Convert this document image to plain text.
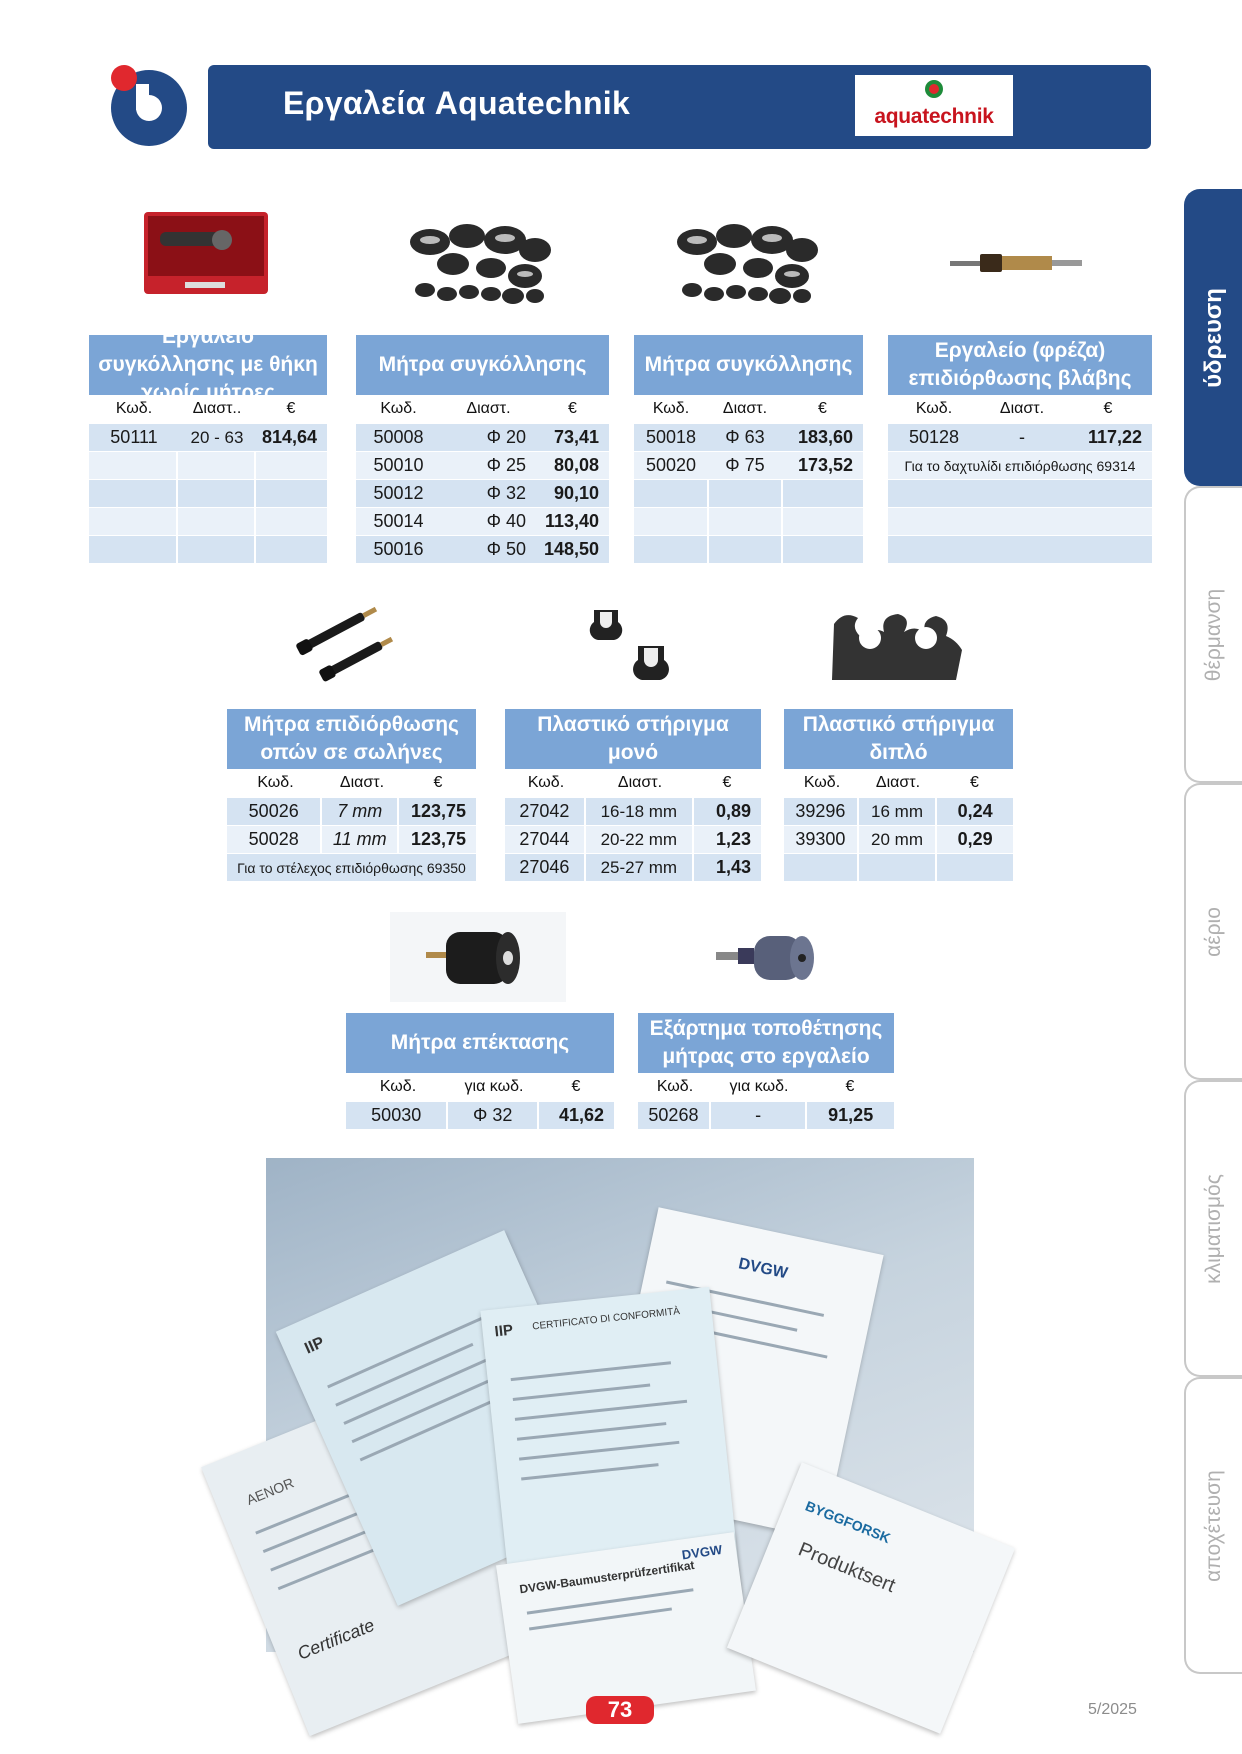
Εργαλεία Aquatechnik	aquatechnik
ύδρευση
θέρμανση
αέριο
κλιματισμός
αποχέτευση
Εργαλείο συγκόλλησης με θήκη χωρίς μήτρες
Κωδ.	Διαστ..	€
50111	20 - 63	814,64
Μήτρα συγκόλλησης
Κωδ.	Διαστ.	€
50008	Φ 20	73,41
50010	Φ 25	80,08
50012	Φ 32	90,10
50014	Φ 40	113,40
50016	Φ 50 148,50
Μήτρα συγκόλλησης
Κωδ.	Διαστ.	€
50018	Φ 63	183,60
50020	Φ 75	173,52
Εργαλείο (φρέζα) επιδιόρθωσης βλάβης
Κωδ.	Διαστ.	€
50128	-	117,22
Για το δαχτυλίδι επιδιόρθωσης 69314
Μήτρα επιδιόρθωσης οπών σε σωλήνες
Κωδ.	Διαστ.	€
50026	7 mm	123,75
50028	11 mm	123,75
Για το στέλεχος επιδιόρθωσης 69350
Πλαστικό στήριγμα μονό
Κωδ.	Διαστ.	€
27042	16-18 mm	0,89
27044	20-22 mm	1,23
27046	25-27 mm	1,43
Πλαστικό στήριγμα διπλό
Κωδ.	Διαστ.	€
39296	16 mm	0,24
39300	20 mm	0,29
Μήτρα επέκτασης
Κωδ.	για κωδ.	€
50030	Φ 32	41,62
Εξάρτημα τοποθέτησης μήτρας στο εργαλείο
Κωδ.	για κωδ.	€
50268	-	91,25
AENOR
Certificate
DVGW
IIP
IIP CERTIFICATO DI CONFORMITÀ
DVGW-Baumusterprüfzertifikat
DVGW
BYGGFORSK
Produktsert
73	5/2025
